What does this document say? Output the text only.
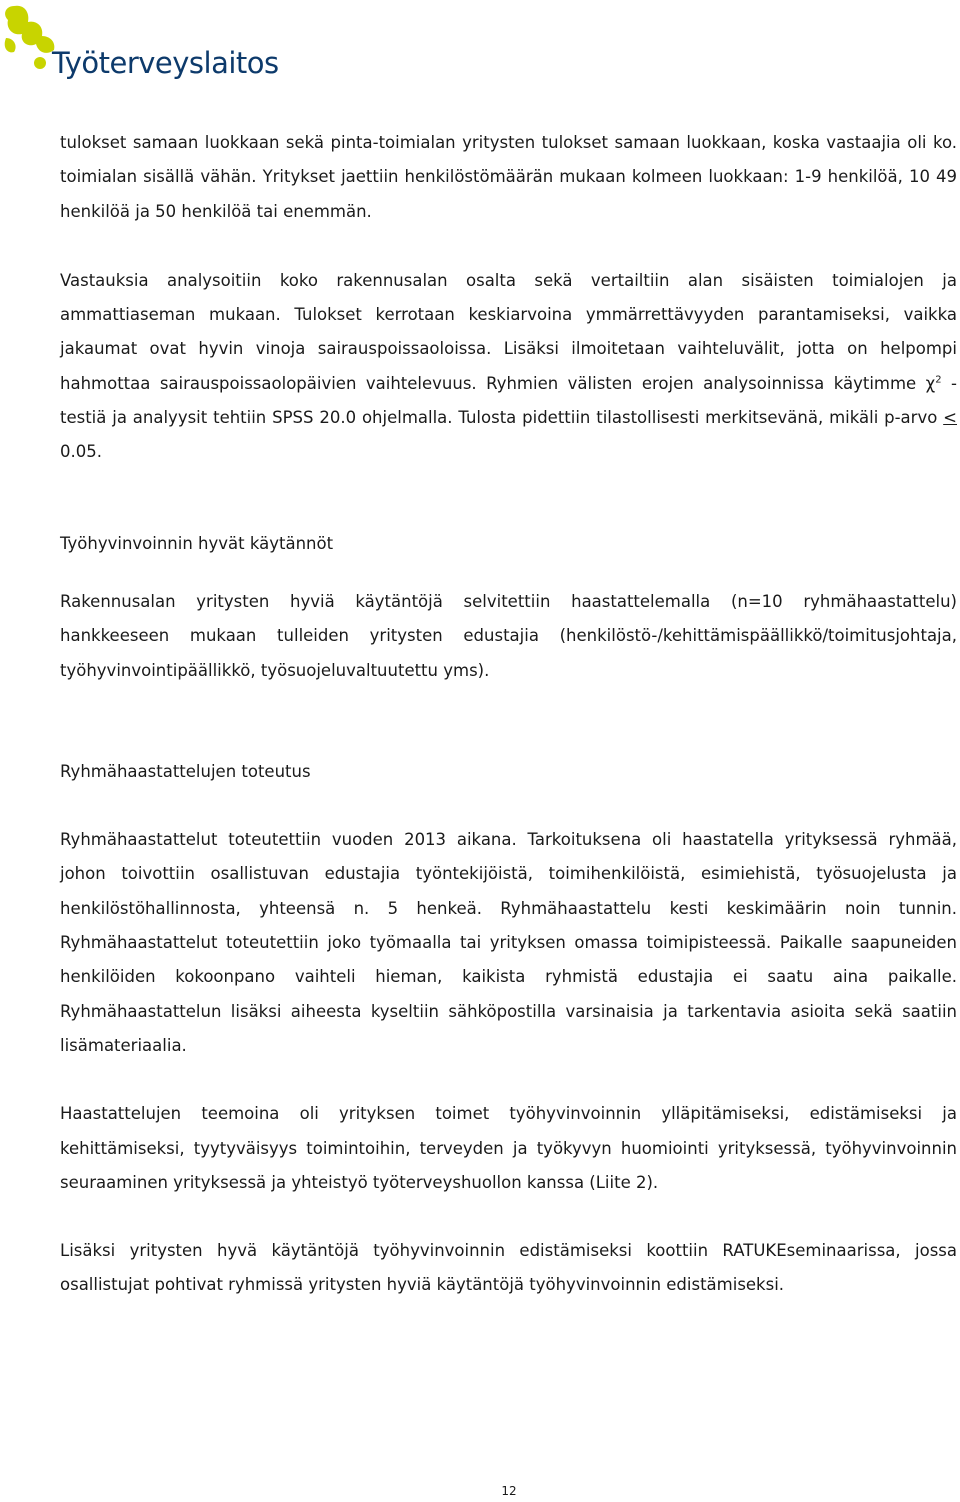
Työterveyslaitos

tulokset samaan luokkaan sekä pinta-toimialan yritysten tulokset samaan luokkaan, koska vastaajia oli ko. toimialan sisällä vähän. Yritykset jaettiin henkilöstömäärän mukaan kolmeen luokkaan: 1-9 henkilöä, 10 49 henkilöä ja 50 henkilöä tai enemmän.

Vastauksia analysoitiin koko rakennusalan osalta sekä vertailtiin alan sisäisten toimialojen ja ammattiaseman mukaan. Tulokset kerrotaan keskiarvoina ymmärrettävyyden parantamiseksi, vaikka jakaumat ovat hyvin vinoja sairauspoissaoloissa. Lisäksi ilmoitetaan vaihteluvälit, jotta on helpompi hahmottaa sairauspoissaolopäivien vaihtelevuus. Ryhmien välisten erojen analysoinnissa käytimme $\chi^2$ -testiä ja analyysit tehtiin SPSS 20.0 ohjelmalla. Tulosta pidettiin tilastollisesti merkitsevänä, mikäli p-arvo < 0.05.

Työhyvinvoinnin hyvät käytännöt

Rakennusalan yritysten hyviä käytäntöjä selvitettiin haastattelemalla (n=10 ryhmähaastattelu) hankkeeseen mukaan tulleiden yritysten edustajia (henkilöstö-/kehittämispäällikkö/toimitusjohtaja, työhyvinvointipäällikkö, työsuojeluvaltuutettu yms).

Ryhmähaastattelujen toteutus

Ryhmähaastattelut toteutettiin vuoden 2013 aikana. Tarkoituksena oli haastatella yrityksessä ryhmää, johon toivottiin osallistuvan edustajia työntekijöistä, toimihenkilöistä, esimiehistä, työsuojelusta ja henkilöstöhallinnosta, yhteensä n. 5 henkeä. Ryhmähaastattelu kesti keskimäärin noin tunnin. Ryhmähaastattelut toteutettiin joko työmaalla tai yrityksen omassa toimipisteessä. Paikalle saapuneiden henkilöiden kokoonpano vaihteli hieman, kaikista ryhmistä edustajia ei saatu aina paikalle. Ryhmähaastattelun lisäksi aiheesta kyseltiin sähköpostilla varsinaisia ja tarkentavia asioita sekä saatiin lisämateriaalia.

Haastattelujen teemoina oli yrityksen toimet työhyvinvoinnin ylläpitämiseksi, edistämiseksi ja kehittämiseksi, tyytyväisyys toimintoihin, terveyden ja työkyvyn huomiointi yrityksessä, työhyvinvoinnin seuraaminen yrityksessä ja yhteistyö työterveyshuollon kanssa (Liite 2).

Lisäksi yritysten hyvä käytäntöjä työhyvinvoinnin edistämiseksi koottiin RATUKEseminaarissa, jossa osallistujat pohtivat ryhmissä yritysten hyviä käytäntöjä työhyvinvoinnin edistämiseksi.

12
